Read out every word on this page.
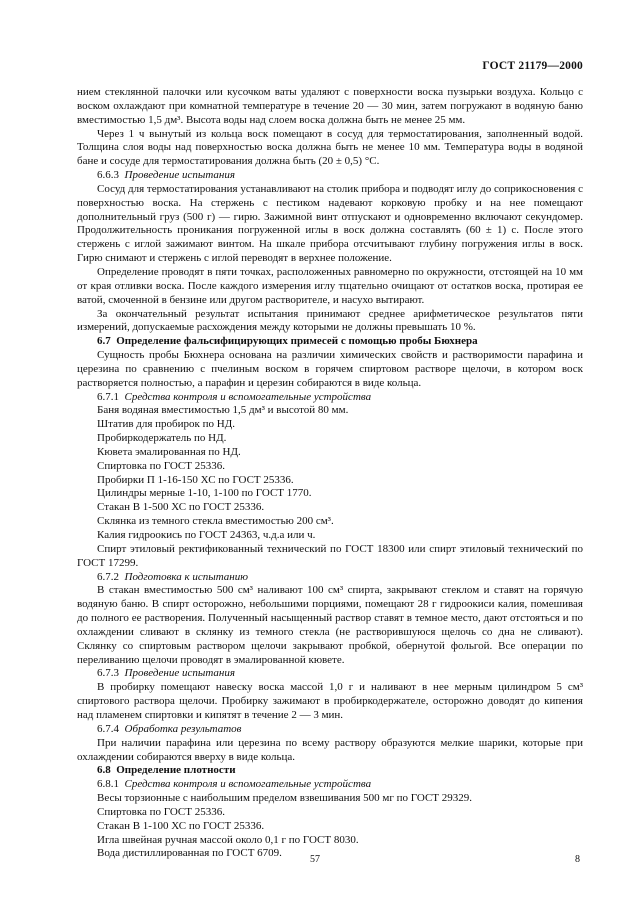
ГОСТ 21179—2000

нием стеклянной палочки или кусочком ваты удаляют с поверхности воска пузырьки воздуха. Кольцо с воском охлаждают при комнатной температуре в течение 20 — 30 мин, затем погружают в водяную баню вместимостью 1,5 дм³. Высота воды над слоем воска должна быть не менее 25 мм.

Через 1 ч вынутый из кольца воск помещают в сосуд для термостатирования, заполненный водой. Толщина слоя воды над поверхностью воска должна быть не менее 10 мм. Температура воды в водяной бане и сосуде для термостатирования должна быть (20 ± 0,5) °С.

6.6.3 Проведение испытания

Сосуд для термостатирования устанавливают на столик прибора и подводят иглу до соприкосновения с поверхностью воска. На стержень с пестиком надевают корковую пробку и на нее помещают дополнительный груз (500 г) — гирю. Зажимной винт отпускают и одновременно включают секундомер. Продолжительность проникания погруженной иглы в воск должна составлять (60 ± 1) с. После этого стержень с иглой зажимают винтом. На шкале прибора отсчитывают глубину погружения иглы в воск. Гирю снимают и стержень с иглой переводят в верхнее положение.

Определение проводят в пяти точках, расположенных равномерно по окружности, отстоящей на 10 мм от края отливки воска. После каждого измерения иглу тщательно очищают от остатков воска, протирая ее ватой, смоченной в бензине или другом растворителе, и насухо вытирают.

За окончательный результат испытания принимают среднее арифметическое результатов пяти измерений, допускаемые расхождения между которыми не должны превышать 10 %.

6.7 Определение фальсифицирующих примесей с помощью пробы Бюхнера

Сущность пробы Бюхнера основана на различии химических свойств и растворимости парафина и церезина по сравнению с пчелиным воском в горячем спиртовом растворе щелочи, в котором воск растворяется полностью, а парафин и церезин собираются в виде кольца.

6.7.1 Средства контроля и вспомогательные устройства

Баня водяная вместимостью 1,5 дм³ и высотой 80 мм.

Штатив для пробирок по НД.

Пробиркодержатель по НД.

Кювета эмалированная по НД.

Спиртовка по ГОСТ 25336.

Пробирки П 1-16-150 ХС по ГОСТ 25336.

Цилиндры мерные 1-10, 1-100 по ГОСТ 1770.

Стакан В 1-500 ХС по ГОСТ 25336.

Склянка из темного стекла вместимостью 200 см³.

Калия гидроокись по ГОСТ 24363, ч.д.а или ч.

Спирт этиловый ректификованный технический по ГОСТ 18300 или спирт этиловый технический по ГОСТ 17299.

6.7.2 Подготовка к испытанию

В стакан вместимостью 500 см³ наливают 100 см³ спирта, закрывают стеклом и ставят на горячую водяную баню. В спирт осторожно, небольшими порциями, помещают 28 г гидроокиси калия, помешивая до полного ее растворения. Полученный насыщенный раствор ставят в темное место, дают отстояться и по охлаждении сливают в склянку из темного стекла (не растворившуюся щелочь со дна не сливают). Склянку со спиртовым раствором щелочи закрывают пробкой, обернутой фольгой. Все операции по переливанию щелочи проводят в эмалированной кювете.

6.7.3 Проведение испытания

В пробирку помещают навеску воска массой 1,0 г и наливают в нее мерным цилиндром 5 см³ спиртового раствора щелочи. Пробирку зажимают в пробиркодержателе, осторожно доводят до кипения над пламенем спиртовки и кипятят в течение 2 — 3 мин.

6.7.4 Обработка результатов

При наличии парафина или церезина по всему раствору образуются мелкие шарики, которые при охлаждении собираются вверху в виде кольца.

6.8 Определение плотности

6.8.1 Средства контроля и вспомогательные устройства

Весы торзионные с наибольшим пределом взвешивания 500 мг по ГОСТ 29329.

Спиртовка по ГОСТ 25336.

Стакан В 1-100 ХС по ГОСТ 25336.

Игла швейная ручная массой около 0,1 г по ГОСТ 8030.

Вода дистиллированная по ГОСТ 6709.

57	8
